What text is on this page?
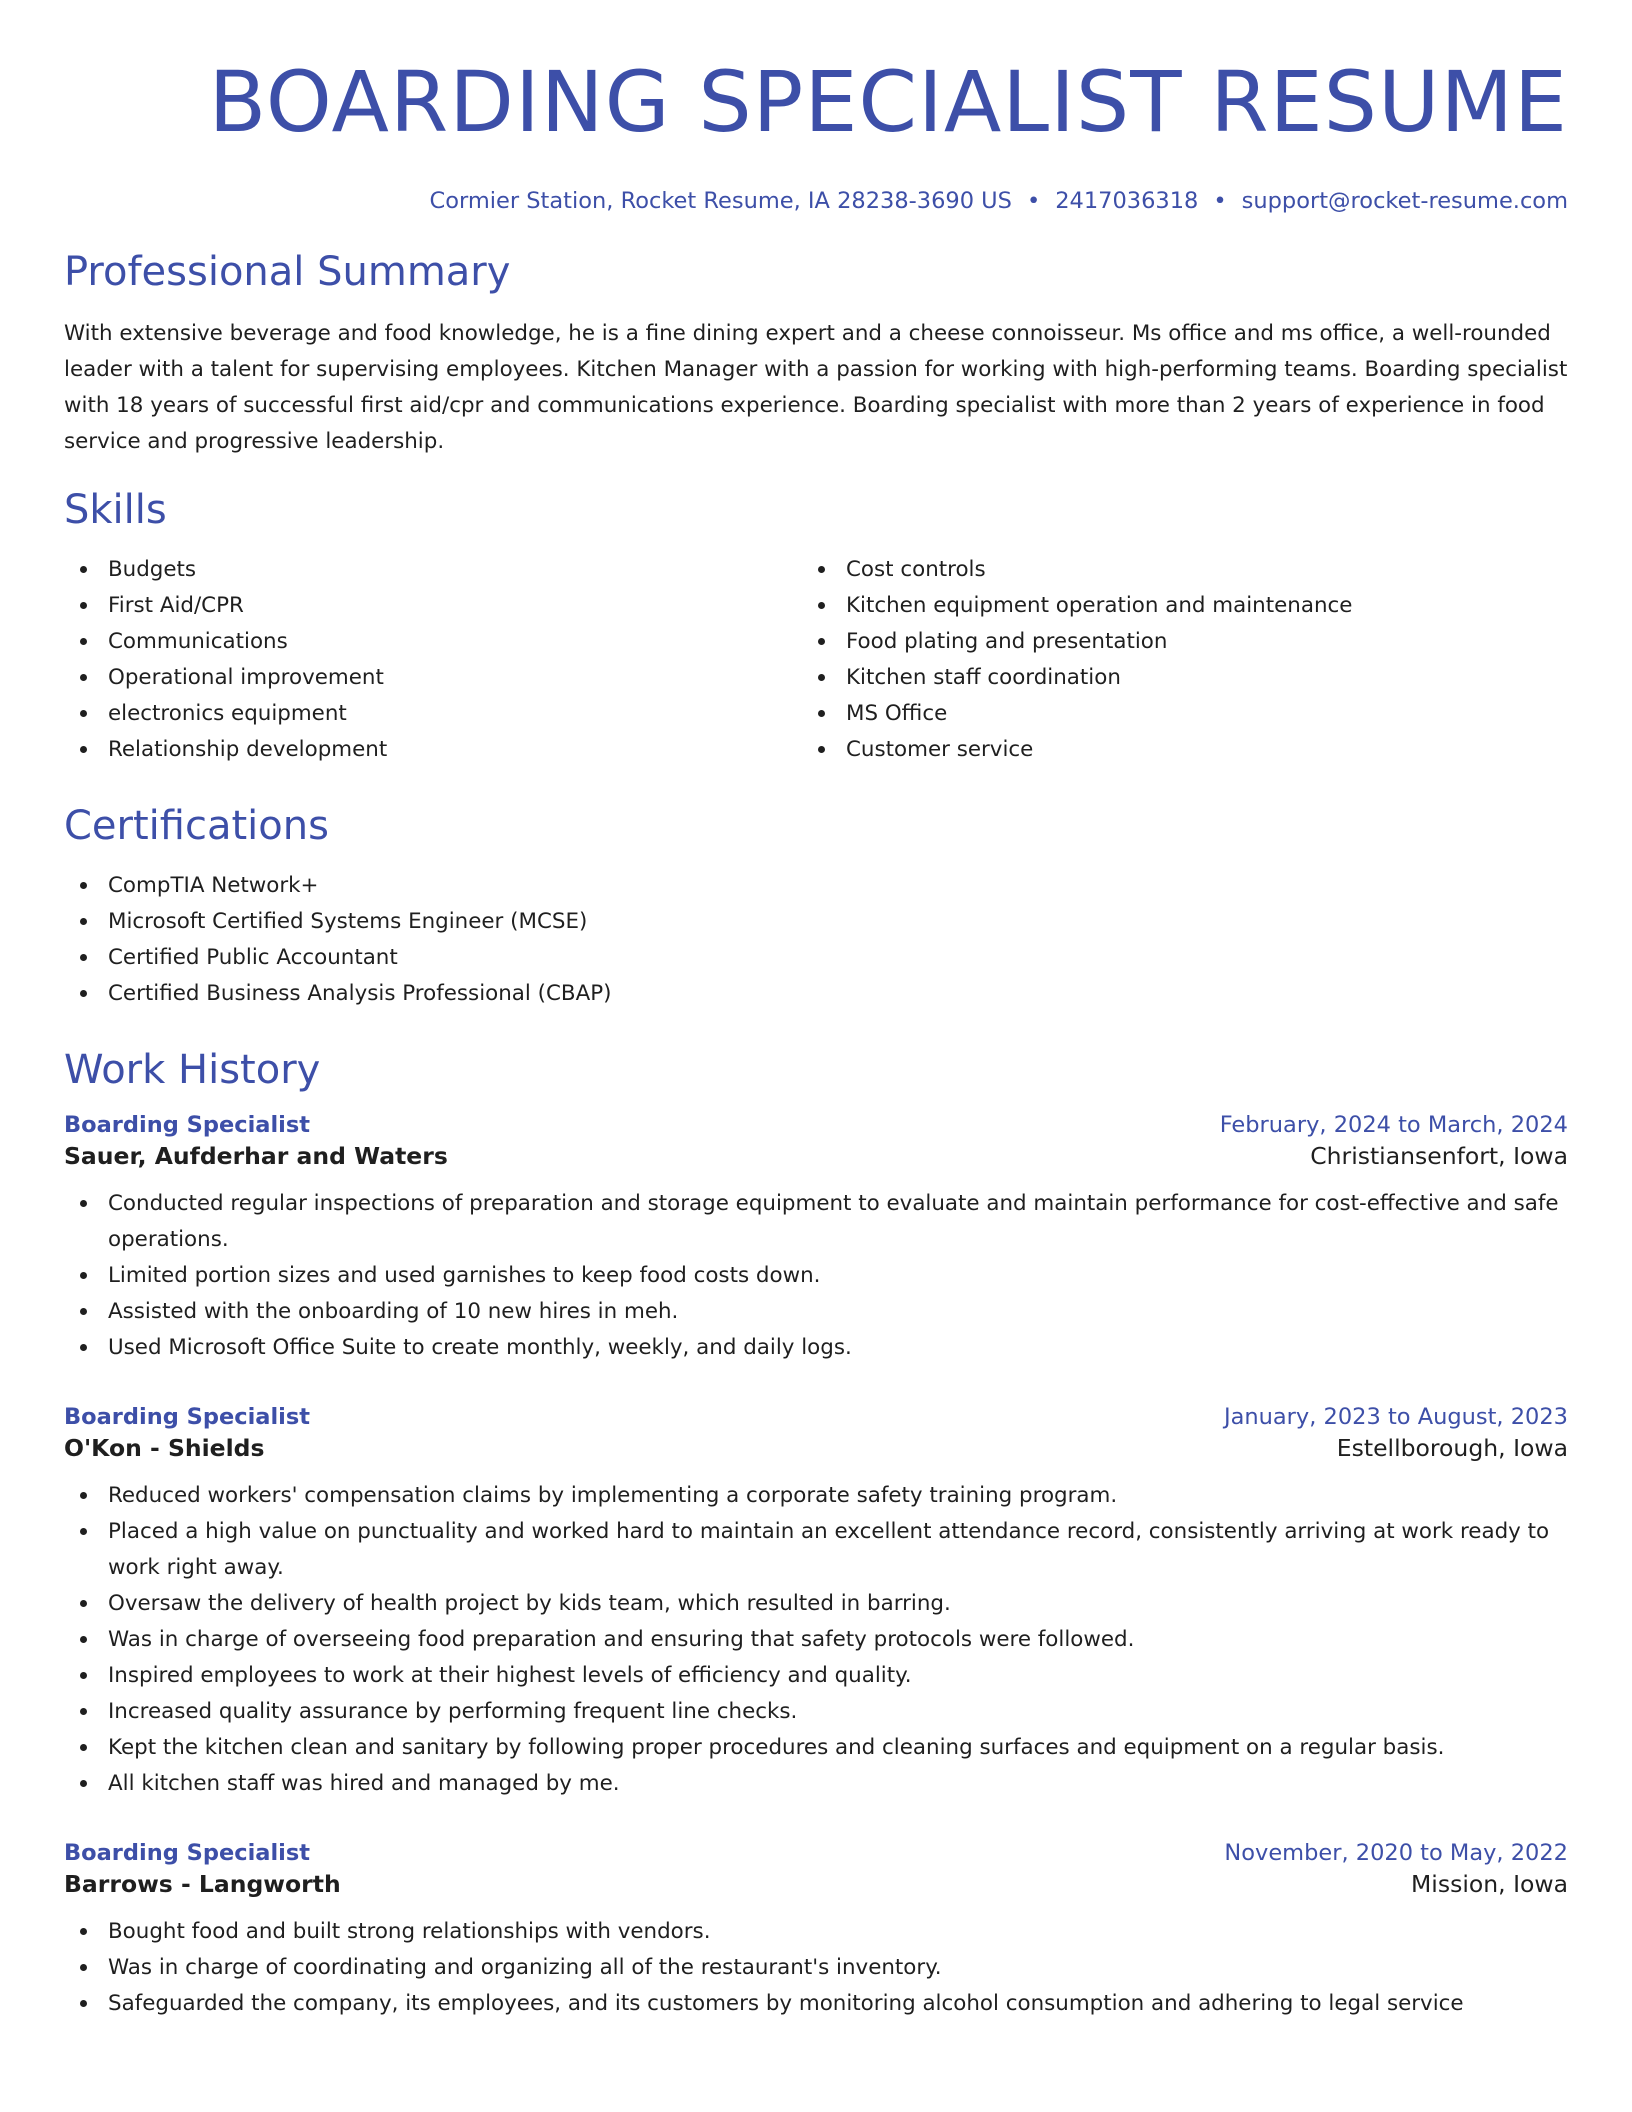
BOARDING SPECIALIST RESUME
Cormier Station, Rocket Resume, IA 28238-3690 US • 2417036318 • support@rocket-resume.com
Professional Summary

With extensive beverage and food knowledge, he is a fine dining expert and a cheese connoisseur. Ms office and ms office, a well-rounded leader with a talent for supervising employees. Kitchen Manager with a passion for working with high-performing teams. Boarding specialist with 18 years of successful first aid/cpr and communications experience. Boarding specialist with more than 2 years of experience in food service and progressive leadership.

Skills
Budgets
First Aid/CPR
Communications
Operational improvement
electronics equipment
Relationship development
Cost controls
Kitchen equipment operation and maintenance
Food plating and presentation
Kitchen staff coordination
MS Office
Customer service
Certifications
CompTIA Network+
Microsoft Certified Systems Engineer (MCSE)
Certified Public Accountant
Certified Business Analysis Professional (CBAP)
Work History
Boarding Specialist	February, 2024 to March, 2024
Sauer, Aufderhar and Waters	Christiansenfort, Iowa
Conducted regular inspections of preparation and storage equipment to evaluate and maintain performance for cost-effective and safe operations.
Limited portion sizes and used garnishes to keep food costs down.
Assisted with the onboarding of 10 new hires in meh.
Used Microsoft Office Suite to create monthly, weekly, and daily logs.
Boarding Specialist	January, 2023 to August, 2023
O'Kon - Shields	Estellborough, Iowa
Reduced workers' compensation claims by implementing a corporate safety training program.
Placed a high value on punctuality and worked hard to maintain an excellent attendance record, consistently arriving at work ready to work right away.
Oversaw the delivery of health project by kids team, which resulted in barring.
Was in charge of overseeing food preparation and ensuring that safety protocols were followed.
Inspired employees to work at their highest levels of efficiency and quality.
Increased quality assurance by performing frequent line checks.
Kept the kitchen clean and sanitary by following proper procedures and cleaning surfaces and equipment on a regular basis.
All kitchen staff was hired and managed by me.
Boarding Specialist	November, 2020 to May, 2022
Barrows - Langworth	Mission, Iowa
Bought food and built strong relationships with vendors.
Was in charge of coordinating and organizing all of the restaurant's inventory.
Safeguarded the company, its employees, and its customers by monitoring alcohol consumption and adhering to legal service
